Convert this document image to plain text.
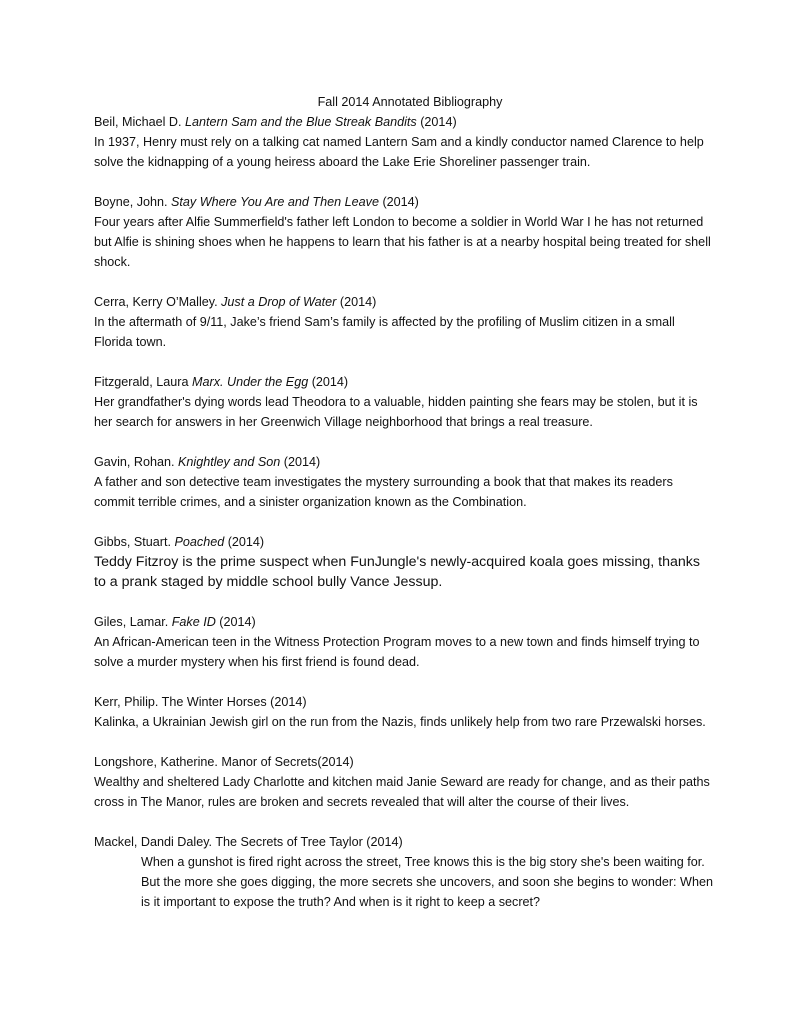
Fall 2014 Annotated Bibliography
Beil, Michael D. Lantern Sam and the Blue Streak Bandits (2014)

In 1937, Henry must rely on a talking cat named Lantern Sam and a kindly conductor named Clarence to help solve the kidnapping of a young heiress aboard the Lake Erie Shoreliner passenger train.

Boyne, John. Stay Where You Are and Then Leave (2014)

Four years after Alfie Summerfield's father left London to become a soldier in World War I he has not returned but Alfie is shining shoes when he happens to learn that his father is at a nearby hospital being treated for shell shock.

Cerra, Kerry O’Malley. Just a Drop of Water (2014)

In the aftermath of 9/11, Jake’s friend Sam’s family is affected by the profiling of Muslim citizen in a small Florida town.

Fitzgerald, Laura Marx. Under the Egg (2014)

Her grandfather's dying words lead Theodora to a valuable, hidden painting she fears may be stolen, but it is her search for answers in her Greenwich Village neighborhood that brings a real treasure.

Gavin, Rohan. Knightley and Son (2014)

A father and son detective team investigates the mystery surrounding a book that that makes its readers commit terrible crimes, and a sinister organization known as the Combination.

Gibbs, Stuart. Poached (2014)

Teddy Fitzroy is the prime suspect when FunJungle's newly-acquired koala goes missing, thanks to a prank staged by middle school bully Vance Jessup.

Giles, Lamar. Fake ID (2014)

An African-American teen in the Witness Protection Program moves to a new town and finds himself trying to solve a murder mystery when his first friend is found dead.

Kerr, Philip. The Winter Horses (2014)

Kalinka, a Ukrainian Jewish girl on the run from the Nazis, finds unlikely help from two rare Przewalski horses.

Longshore, Katherine. Manor of Secrets(2014)

Wealthy and sheltered Lady Charlotte and kitchen maid Janie Seward are ready for change, and as their paths cross in The Manor, rules are broken and secrets revealed that will alter the course of their lives.

Mackel, Dandi Daley. The Secrets of Tree Taylor (2014)

When a gunshot is fired right across the street, Tree knows this is the big story she's been waiting for. But the more she goes digging, the more secrets she uncovers, and soon she begins to wonder: When is it important to expose the truth? And when is it right to keep a secret?
